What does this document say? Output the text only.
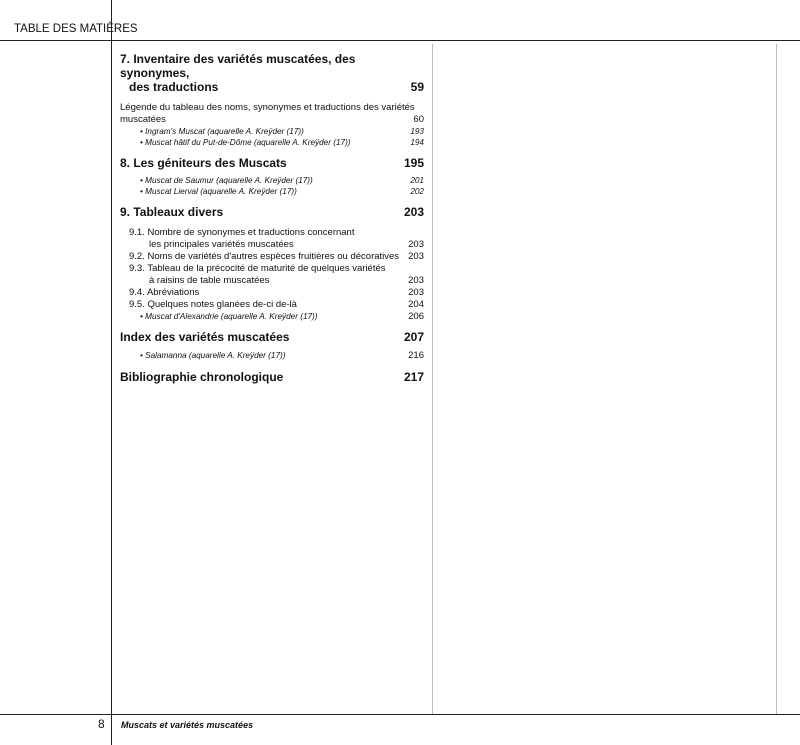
TABLE DES MATIÈRES
7. Inventaire des variétés muscatées, des synonymes,
des traductions	59
Légende du tableau des noms, synonymes et traductions des variétés
muscatées	60
• Ingram's Muscat (aquarelle A. Kreÿder (17))	193
• Muscat hâtif du Put-de-Dôme (aquarelle A. Kreÿder (17))	194
8. Les géniteurs des Muscats	195
• Muscat de Saumur (aquarelle A. Kreÿder (17))	201
• Muscat Lierval (aquarelle A. Kreÿder (17))	202
9. Tableaux divers	203
9.1. Nombre de synonymes et traductions concernant
les principales variétés muscatées	203
9.2. Noms de variétés d'autres espèces fruitières ou décoratives 203
9.3. Tableau de la précocité de maturité de quelques variétés
à raisins de table muscatées	203
9.4. Abréviations	203
9.5. Quelques notes glanées de-ci de-là	204
• Muscat d'Alexandrie (aquarelle A. Kreÿder (17))	206
Index des variétés muscatées	207
• Salamanna (aquarelle A. Kreÿder (17))	216
Bibliographie chronologique	217
8 Muscats et variétés muscatées
